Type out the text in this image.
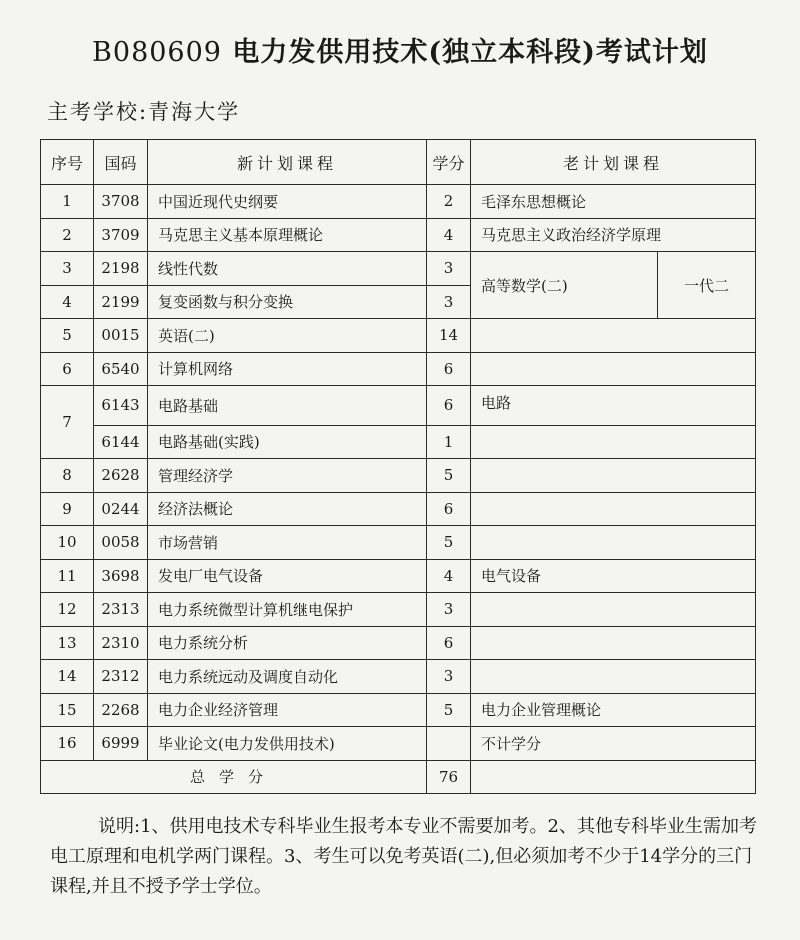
B080609 电力发供用技术(独立本科段)考试计划
主考学校:青海大学
序号	国码	新计划课程	学分	老计划课程	
1	3708	中国近现代史纲要	2	毛泽东思想概论	
2	3709	马克思主义基本原理概论	4	马克思主义政治经济学原理	
3	2198	线性代数	3	高等数学(二)	一代二
4	2199	复变函数与积分变换	3		
5	0015	英语(二)	14		
6	6540	计算机网络	6		
7	6143	电路基础	6	电路	
	6144	电路基础(实践)	1		
8	2628	管理经济学	5		
9	0244	经济法概论	6		
10	0058	市场营销	5		
11	3698	发电厂电气设备	4	电气设备	
12	2313	电力系统微型计算机继电保护	3		
13	2310	电力系统分析	6		
14	2312	电力系统远动及调度自动化	3		
15	2268	电力企业经济管理	5	电力企业管理概论	
16	6999	毕业论文(电力发供用技术)		不计学分	
总学分			76		
说明:1、供用电技术专科毕业生报考本专业不需要加考。2、其他专科毕业生需加考电工原理和电机学两门课程。3、考生可以免考英语(二),但必须加考不少于14学分的三门课程,并且不授予学士学位。
